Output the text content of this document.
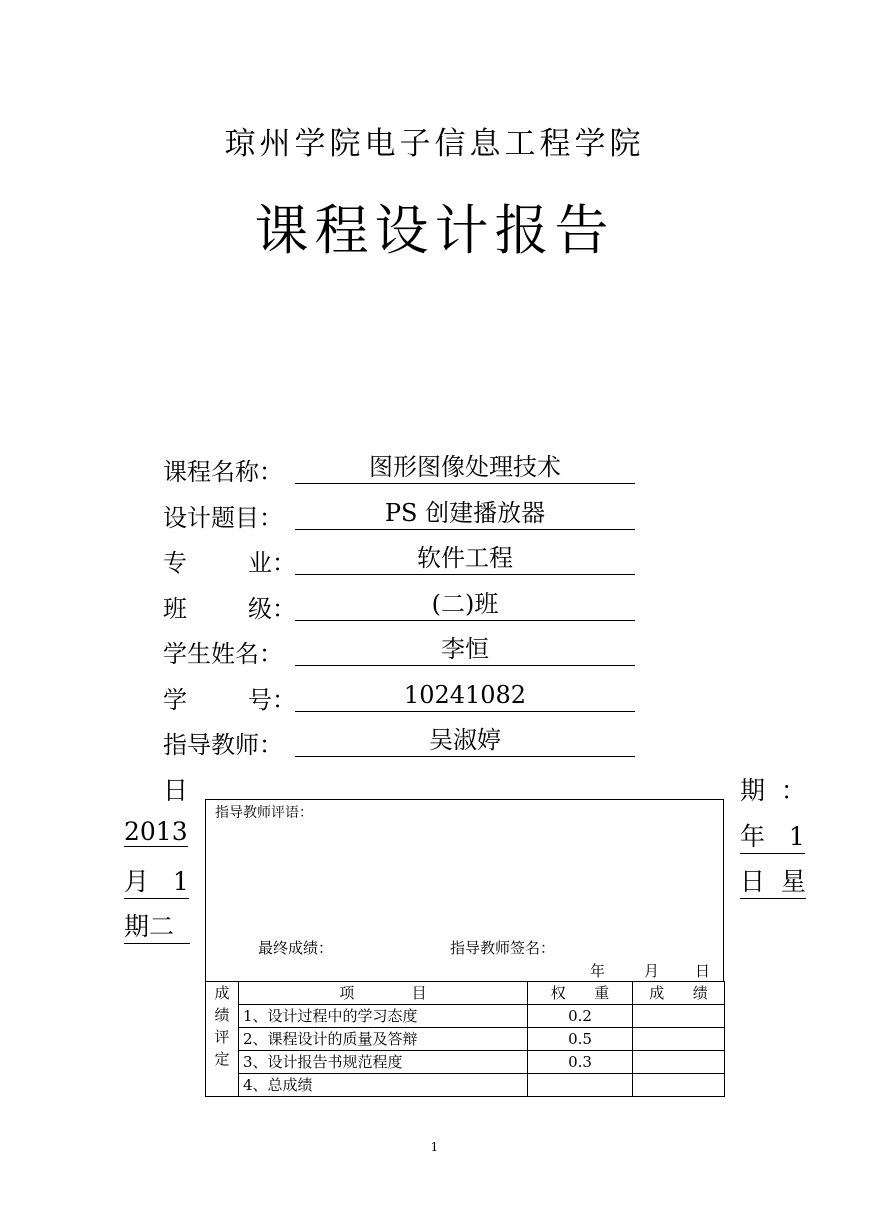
琼州学院电子信息工程学院
课程设计报告
课程名称：	图形图像处理技术
设计题目：	PS 创建播放器
专        业：	软件工程
班        级：	(二)班
学生姓名：	李恒
学        号：	10241082
指导教师：	吴淑婷
日	期  ：
2013	年   1
月   1	日  星
期二
指导教师评语：
最终成绩：	指导教师签名：
年	月 日
成
绩
评
定	项            目	权      重	成      绩
	1、设计过程中的学习态度	0.2	
	2、课程设计的质量及答辩	0.5	
	3、设计报告书规范程度	0.3	
	4、总成绩		
1
